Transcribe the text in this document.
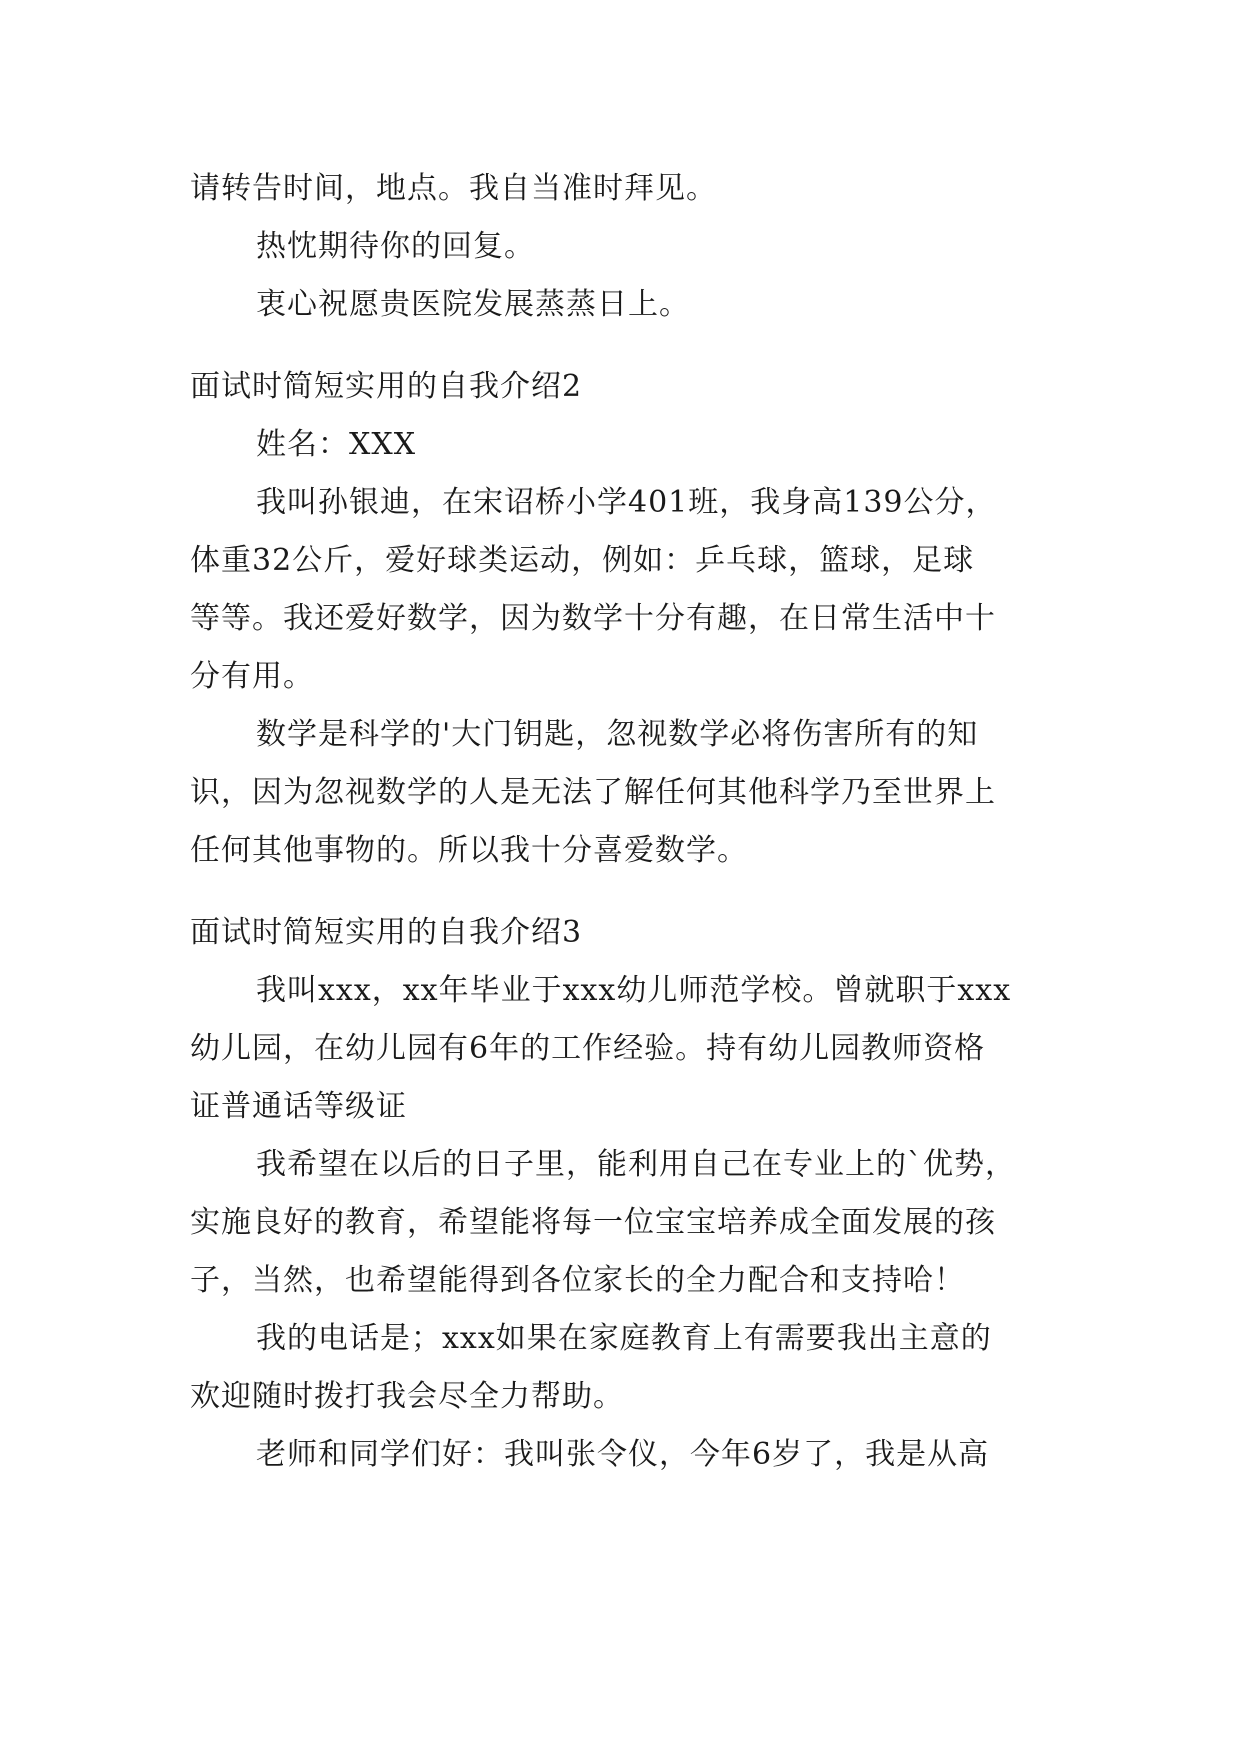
请转告时间，地点。我自当准时拜见。
热忱期待你的回复。
衷心祝愿贵医院发展蒸蒸日上。
面试时简短实用的自我介绍2
姓名：XXX
我叫孙银迪，在宋诏桥小学401班，我身高139公分，
体重32公斤，爱好球类运动，例如：乒乓球，篮球，足球
等等。我还爱好数学，因为数学十分有趣，在日常生活中十
分有用。
数学是科学的'大门钥匙，忽视数学必将伤害所有的知
识，因为忽视数学的人是无法了解任何其他科学乃至世界上
任何其他事物的。所以我十分喜爱数学。
面试时简短实用的自我介绍3
我叫xxx，xx年毕业于xxx幼儿师范学校。曾就职于xxx
幼儿园，在幼儿园有6年的工作经验。持有幼儿园教师资格
证普通话等级证
我希望在以后的日子里，能利用自己在专业上的`优势，
实施良好的教育，希望能将每一位宝宝培养成全面发展的孩
子，当然，也希望能得到各位家长的全力配合和支持哈！
我的电话是；xxx如果在家庭教育上有需要我出主意的
欢迎随时拨打我会尽全力帮助。
老师和同学们好：我叫张令仪，今年6岁了，我是从高
